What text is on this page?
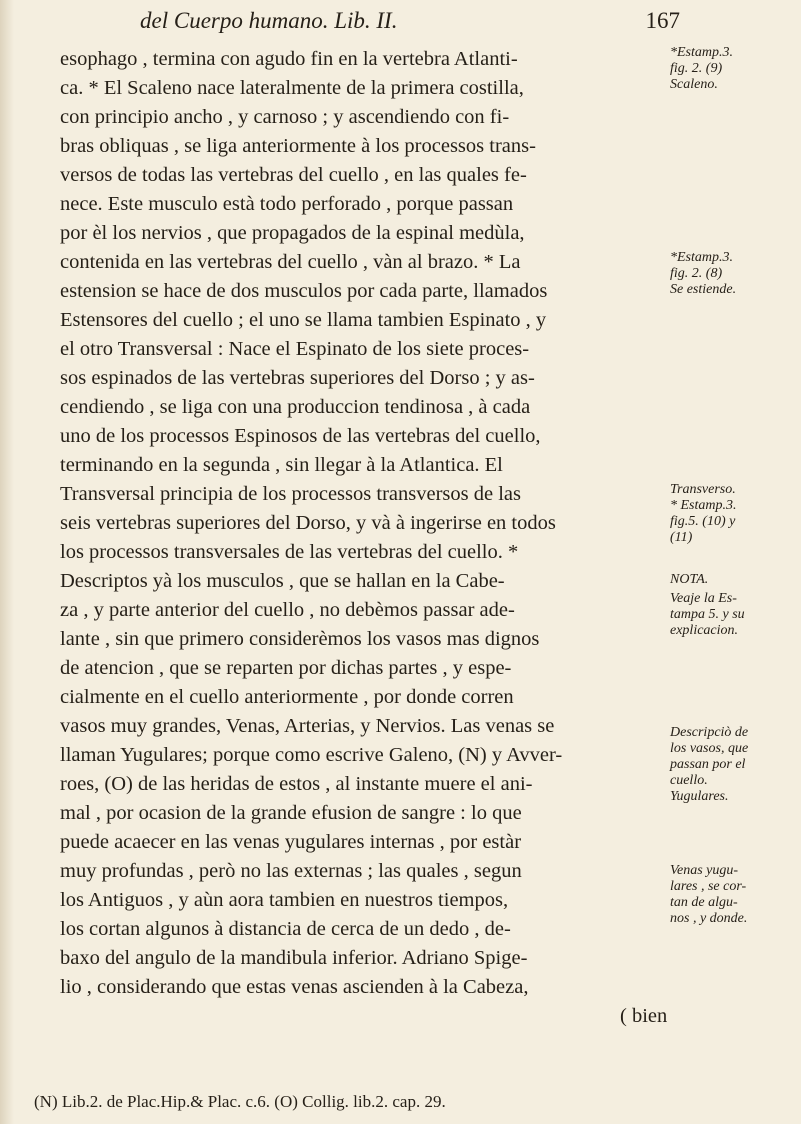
del Cuerpo humano. Lib. II.	167
esophago , termina con agudo fin en la vertebra Atlanti-
ca. * El Scaleno nace lateralmente de la primera costilla,
con principio ancho , y carnoso ; y ascendiendo con fi-
bras obliquas , se liga anteriormente à los processos trans-
versos de todas las vertebras del cuello , en las quales fe-
nece. Este musculo està todo perforado , porque passan
por èl los nervios , que propagados de la espinal medùla,
contenida en las vertebras del cuello , vàn al brazo. * La
estension se hace de dos musculos por cada parte, llamados
Estensores del cuello ; el uno se llama tambien Espinato , y
el otro Transversal : Nace el Espinato de los siete proces-
sos espinados de las vertebras superiores del Dorso ; y as-
cendiendo , se liga con una produccion tendinosa , à cada
uno de los processos Espinosos de las vertebras del cuello,
terminando en la segunda , sin llegar à la Atlantica. El
Transversal principia de los processos transversos de las
seis vertebras superiores del Dorso, y và à ingerirse en todos
los processos transversales de las vertebras del cuello. *
Descriptos yà los musculos , que se hallan en la Cabe-
za , y parte anterior del cuello , no debèmos passar ade-
lante , sin que primero considerèmos los vasos mas dignos
de atencion , que se reparten por dichas partes , y espe-
cialmente en el cuello anteriormente , por donde corren
vasos muy grandes, Venas, Arterias, y Nervios. Las venas se
llaman Yugulares; porque como escrive Galeno, (N) y Avver-
roes, (O) de las heridas de estos , al instante muere el ani-
mal , por ocasion de la grande efusion de sangre : lo que
puede acaecer en las venas yugulares internas , por estàr
muy profundas , però no las externas ; las quales , segun
los Antiguos , y aùn aora tambien en nuestros tiempos,
los cortan algunos à distancia de cerca de un dedo , de-
baxo del angulo de la mandibula inferior. Adriano Spige-
lio , considerando que estas venas ascienden à la Cabeza,
( bien
*Estamp.3.
fig. 2. (9)
Scaleno.
*Estamp.3.
fig. 2. (8)
Se estiende.
Transverso.
* Estamp.3.
fig.5. (10) y
(11)
NOTA.
Veaje la Es-
tampa 5. y su
explicacion.
Descripciò de
los vasos, que
passan por el
cuello.
Yugulares.
Venas yugu-
lares , se cor-
tan de algu-
nos , y donde.
(N) Lib.2. de Plac.Hip.& Plac. c.6. (O) Collig. lib.2. cap. 29.
